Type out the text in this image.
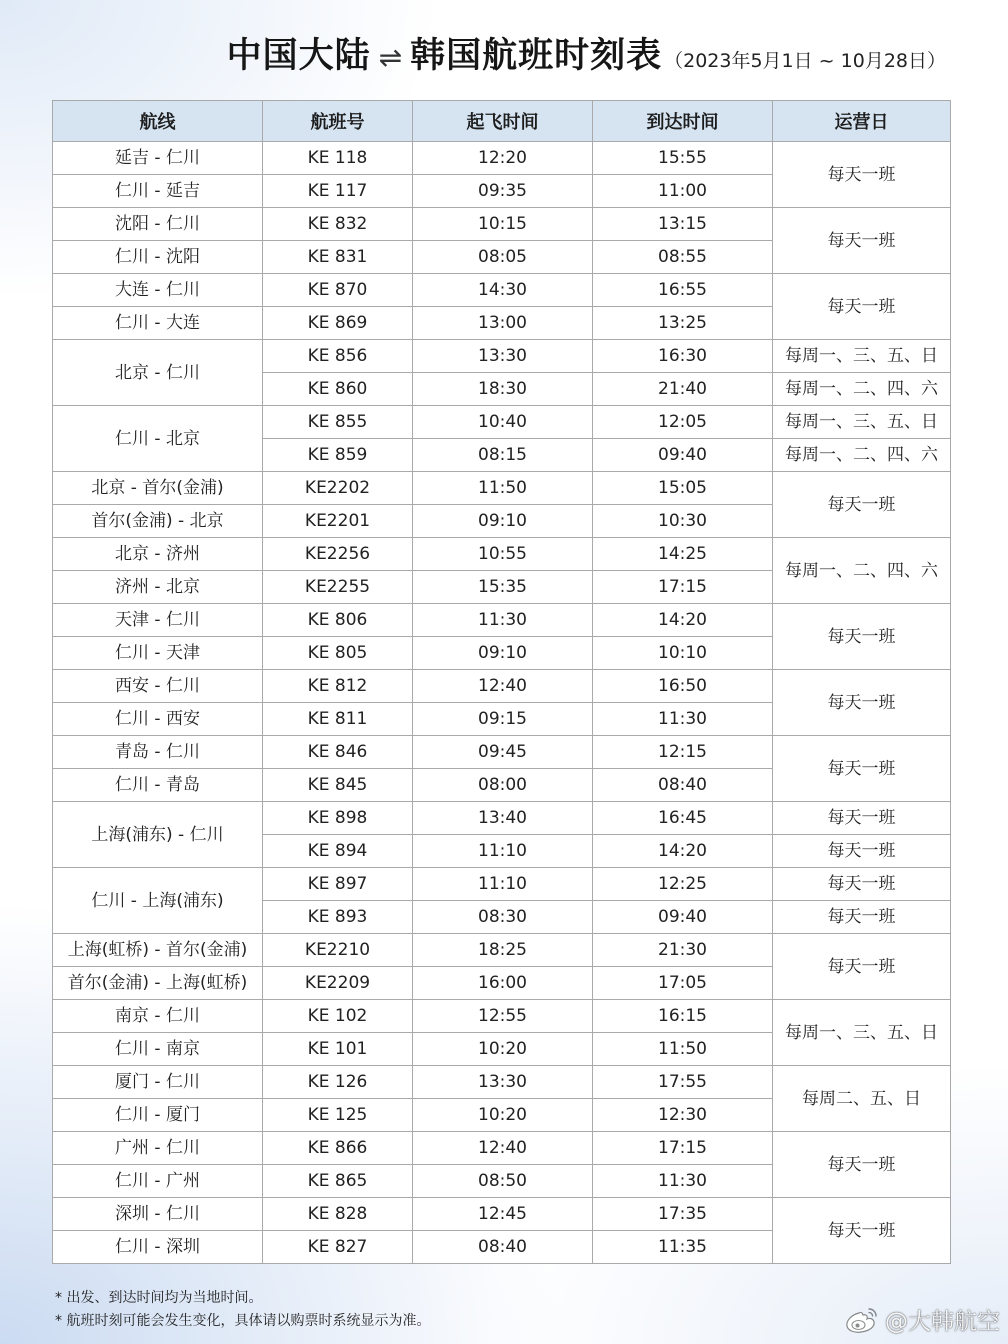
中国大陆 ⇌ 韩国航班时刻表 （2023年5月1日 ~ 10月28日）
航线	航班号	起飞时间	到达时间	运营日
延吉 - 仁川	KE 118	12:20	15:55	每天一班
仁川 - 延吉	KE 117	09:35	11:00	
沈阳 - 仁川	KE 832	10:15	13:15	每天一班
仁川 - 沈阳	KE 831	08:05	08:55	
大连 - 仁川	KE 870	14:30	16:55	每天一班
仁川 - 大连	KE 869	13:00	13:25	
北京 - 仁川	KE 856	13:30	16:30	每周一、三、五、日
	KE 860	18:30	21:40	每周一、二、四、六
仁川 - 北京	KE 855	10:40	12:05	每周一、三、五、日
	KE 859	08:15	09:40	每周一、二、四、六
北京 - 首尔(金浦)	KE2202	11:50	15:05	每天一班
首尔(金浦) - 北京	KE2201	09:10	10:30	
北京 - 济州	KE2256	10:55	14:25	每周一、二、四、六
济州 - 北京	KE2255	15:35	17:15	
天津 - 仁川	KE 806	11:30	14:20	每天一班
仁川 - 天津	KE 805	09:10	10:10	
西安 - 仁川	KE 812	12:40	16:50	每天一班
仁川 - 西安	KE 811	09:15	11:30	
青岛 - 仁川	KE 846	09:45	12:15	每天一班
仁川 - 青岛	KE 845	08:00	08:40	
上海(浦东) - 仁川	KE 898	13:40	16:45	每天一班
	KE 894	11:10	14:20	每天一班
仁川 - 上海(浦东)	KE 897	11:10	12:25	每天一班
	KE 893	08:30	09:40	每天一班
上海(虹桥) - 首尔(金浦)	KE2210	18:25	21:30	每天一班
首尔(金浦) - 上海(虹桥)	KE2209	16:00	17:05	
南京 - 仁川	KE 102	12:55	16:15	每周一、三、五、日
仁川 - 南京	KE 101	10:20	11:50	
厦门 - 仁川	KE 126	13:30	17:55	每周二、五、日
仁川 - 厦门	KE 125	10:20	12:30	
广州 - 仁川	KE 866	12:40	17:15	每天一班
仁川 - 广州	KE 865	08:50	11:30	
深圳 - 仁川	KE 828	12:45	17:35	每天一班
仁川 - 深圳	KE 827	08:40	11:35	
* 出发、到达时间均为当地时间。
* 航班时刻可能会发生变化，具体请以购票时系统显示为准。	@大韩航空
